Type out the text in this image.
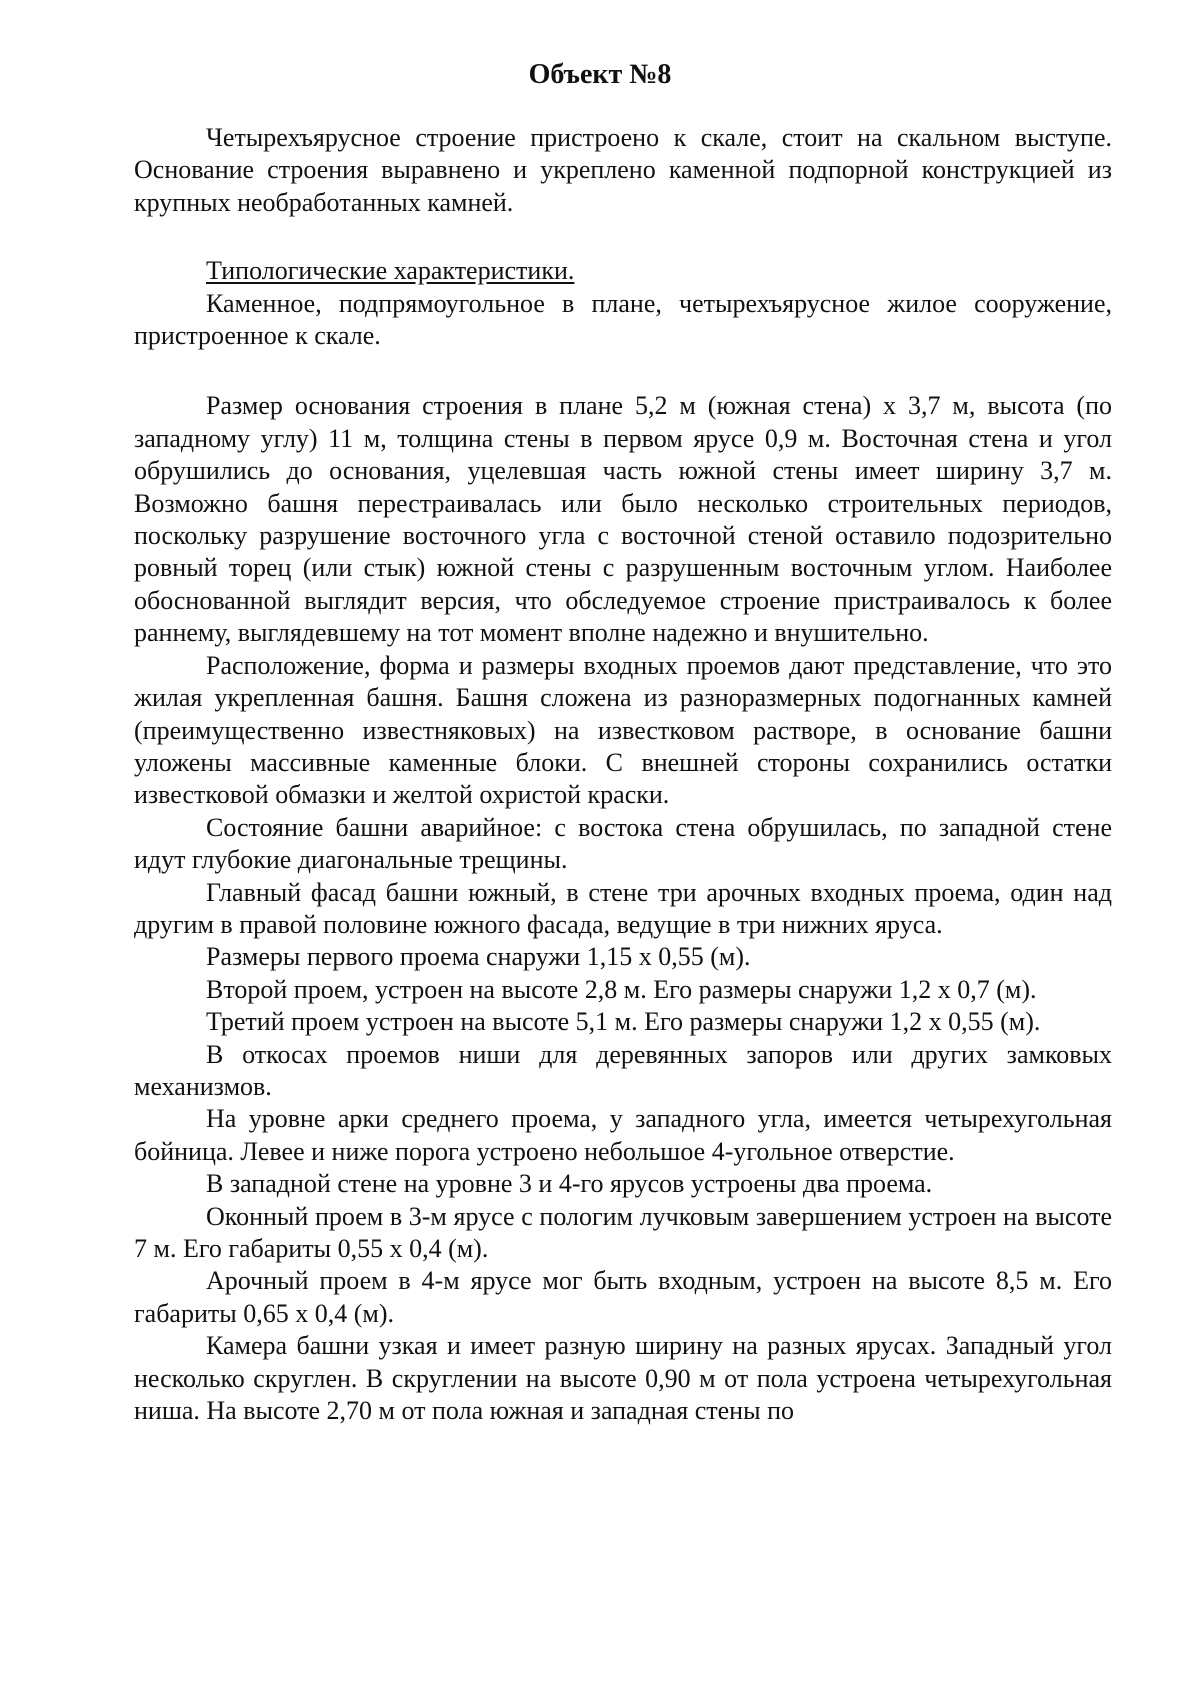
Объект №8

Четырехъярусное строение пристроено к скале, стоит на скальном выступе. Основание строения выравнено и укреплено каменной подпорной конструкцией из крупных необработанных камней.

Типологические характеристики.

Каменное, подпрямоугольное в плане, четырехъярусное жилое сооружение, пристроенное к скале.

Размер основания строения в плане 5,2 м (южная стена) х 3,7 м, высота (по западному углу) 11 м, толщина стены в первом ярусе 0,9 м. Восточная стена и угол обрушились до основания, уцелевшая часть южной стены имеет ширину 3,7 м. Возможно башня перестраивалась или было несколько строительных периодов, поскольку разрушение восточного угла с восточной стеной оставило подозрительно ровный торец (или стык) южной стены с разрушенным восточным углом. Наиболее обоснованной выглядит версия, что обследуемое строение пристраивалось к более раннему, выглядевшему на тот момент вполне надежно и внушительно.

Расположение, форма и размеры входных проемов дают представление, что это жилая укрепленная башня. Башня сложена из разноразмерных подогнанных камней (преимущественно известняковых) на известковом растворе, в основание башни уложены массивные каменные блоки. С внешней стороны сохранились остатки известковой обмазки и желтой охристой краски.

Состояние башни аварийное: с востока стена обрушилась, по западной стене идут глубокие диагональные трещины.

Главный фасад башни южный, в стене три арочных входных проема, один над другим в правой половине южного фасада, ведущие в три нижних яруса.

Размеры первого проема снаружи 1,15 х 0,55 (м).

Второй проем, устроен на высоте 2,8 м. Его размеры снаружи 1,2 х 0,7 (м).

Третий проем устроен на высоте 5,1 м. Его размеры снаружи 1,2 х 0,55 (м).

В откосах проемов ниши для деревянных запоров или других замковых механизмов.

На уровне арки среднего проема, у западного угла, имеется четырехугольная бойница. Левее и ниже порога устроено небольшое 4-угольное отверстие.

В западной стене на уровне 3 и 4-го ярусов устроены два проема.

Оконный проем в 3-м ярусе с пологим лучковым завершением устроен на высоте 7 м. Его габариты 0,55 х 0,4 (м).

Арочный проем в 4-м ярусе мог быть входным, устроен на высоте 8,5 м. Его габариты 0,65 х 0,4 (м).

Камера башни узкая и имеет разную ширину на разных ярусах. Западный угол несколько скруглен. В скруглении на высоте 0,90 м от пола устроена четырехугольная ниша. На высоте 2,70 м от пола южная и западная стены по
